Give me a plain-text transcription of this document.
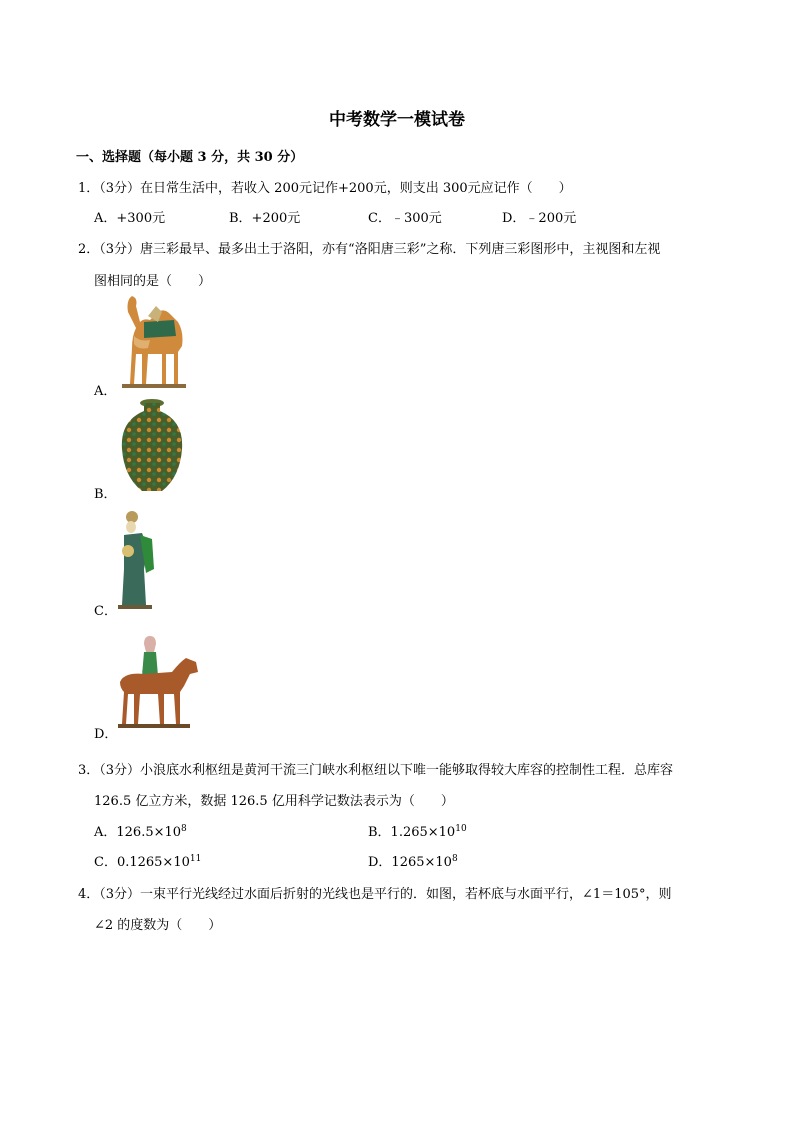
中考数学一模试卷
一、选择题（每小题 3 分，共 30 分）
1．（3分）在日常生活中，若收入 200元记作+200元，则支出 300元应记作（　　）
A．+300元	B．+200元	C．﹣300元	D．﹣200元
2．（3分）唐三彩最早、最多出土于洛阳，亦有“洛阳唐三彩”之称．下列唐三彩图形中，主视图和左视
图相同的是（　　）
A．
B．
C．
D．
3．（3分）小浪底水利枢纽是黄河干流三门峡水利枢纽以下唯一能够取得较大库容的控制性工程．总库容
126.5 亿立方米，数据 126.5 亿用科学记数法表示为（　　）
A．$126.5\times 10^8$	B．$1.265\times 10^{10}$
C．$0.1265\times 10^{11}$	D．$1265\times 10^8$
4．（3分）一束平行光线经过水面后折射的光线也是平行的．如图，若杯底与水面平行，∠1＝105°，则
∠2 的度数为（　　）
